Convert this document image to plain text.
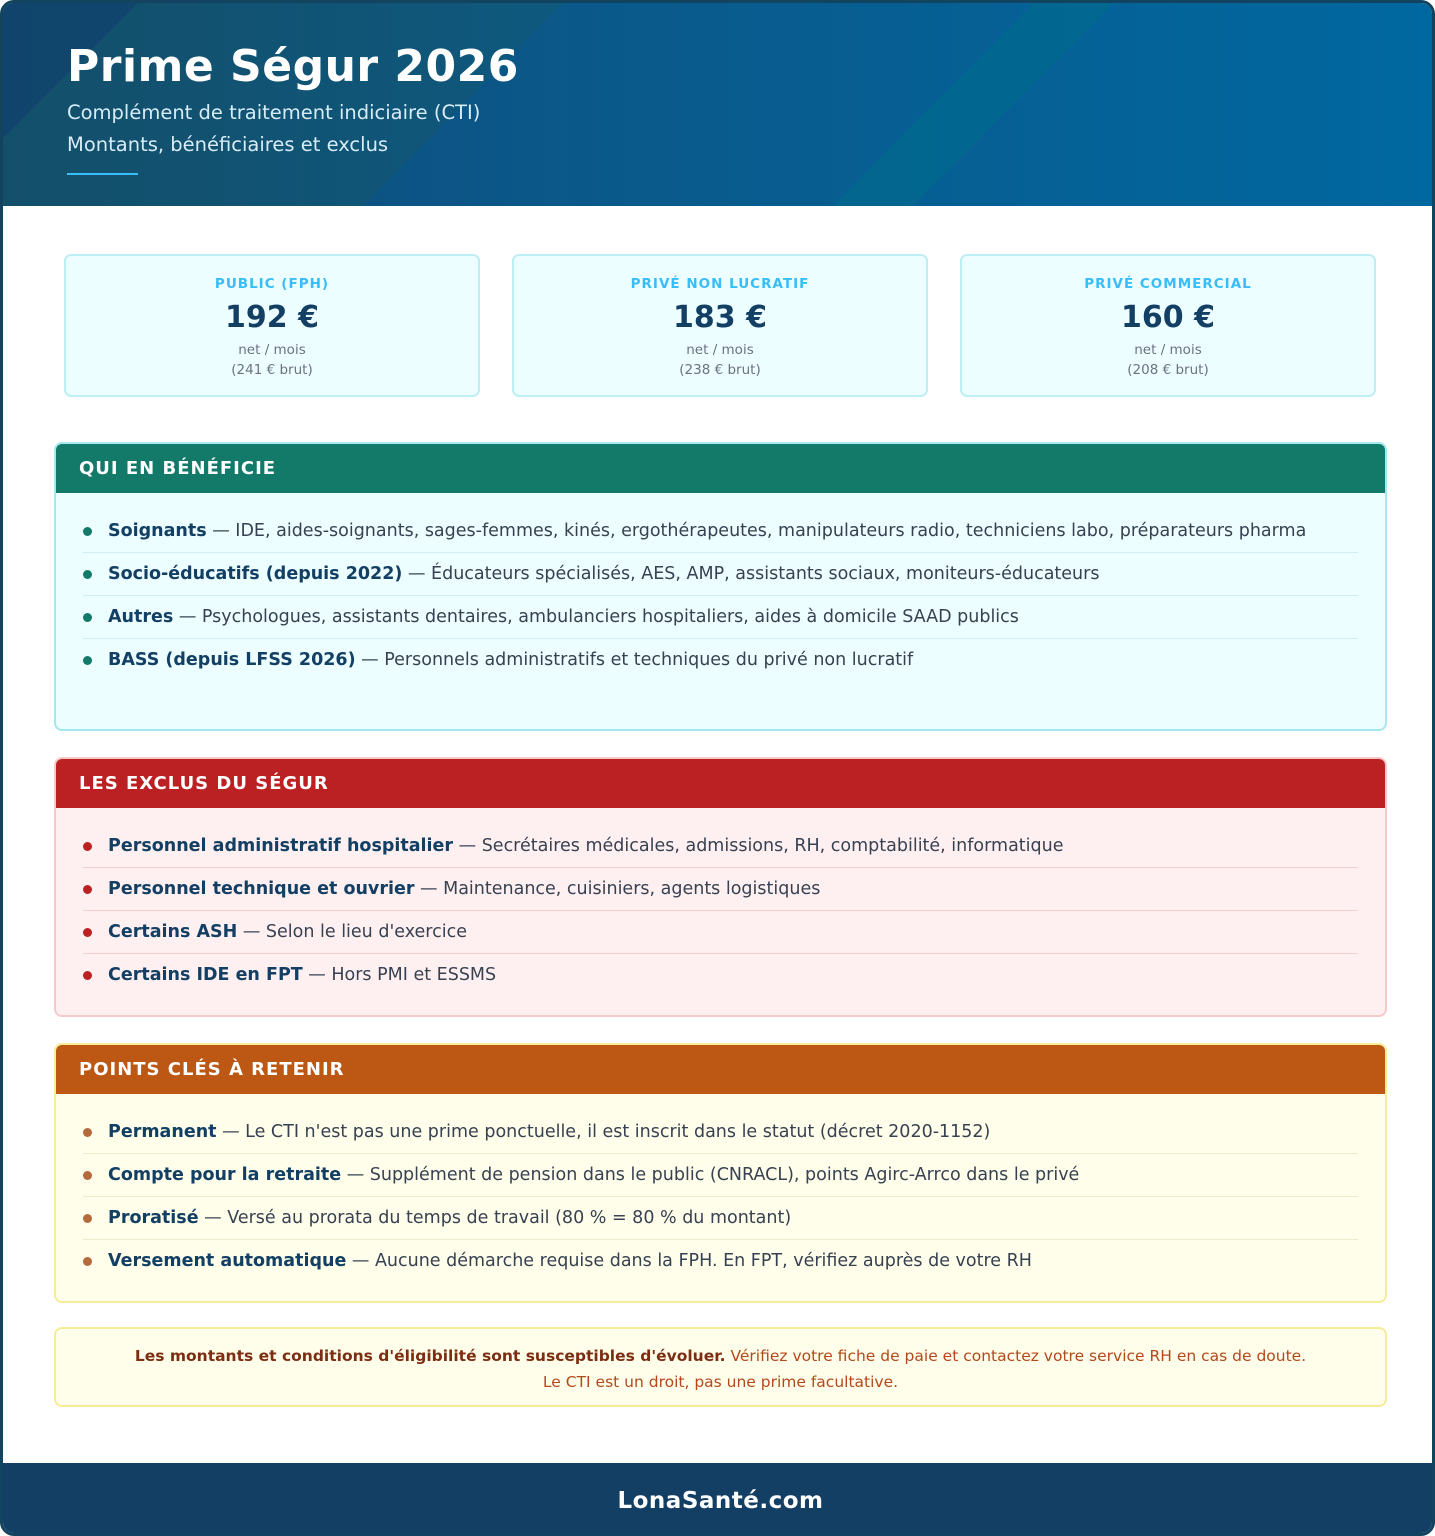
Prime Ségur 2026
Complément de traitement indiciaire (CTI)
Montants, bénéficiaires et exclus
PUBLIC (FPH)
192 €
net / mois
(241 € brut)
PRIVÉ NON LUCRATIF
183 €
net / mois
(238 € brut)
PRIVÉ COMMERCIAL
160 €
net / mois
(208 € brut)
QUI EN BÉNÉFICIE
Soignants — IDE, aides-soignants, sages-femmes, kinés, ergothérapeutes, manipulateurs radio, techniciens labo, préparateurs pharma
Socio-éducatifs (depuis 2022) — Éducateurs spécialisés, AES, AMP, assistants sociaux, moniteurs-éducateurs
Autres — Psychologues, assistants dentaires, ambulanciers hospitaliers, aides à domicile SAAD publics
BASS (depuis LFSS 2026) — Personnels administratifs et techniques du privé non lucratif
LES EXCLUS DU SÉGUR
Personnel administratif hospitalier — Secrétaires médicales, admissions, RH, comptabilité, informatique
Personnel technique et ouvrier — Maintenance, cuisiniers, agents logistiques
Certains ASH — Selon le lieu d'exercice
Certains IDE en FPT — Hors PMI et ESSMS
POINTS CLÉS À RETENIR
Permanent — Le CTI n'est pas une prime ponctuelle, il est inscrit dans le statut (décret 2020-1152)
Compte pour la retraite — Supplément de pension dans le public (CNRACL), points Agirc-Arrco dans le privé
Proratisé — Versé au prorata du temps de travail (80 % = 80 % du montant)
Versement automatique — Aucune démarche requise dans la FPH. En FPT, vérifiez auprès de votre RH
Les montants et conditions d'éligibilité sont susceptibles d'évoluer. Vérifiez votre fiche de paie et contactez votre service RH en cas de doute.
Le CTI est un droit, pas une prime facultative.
LonaSanté.com
